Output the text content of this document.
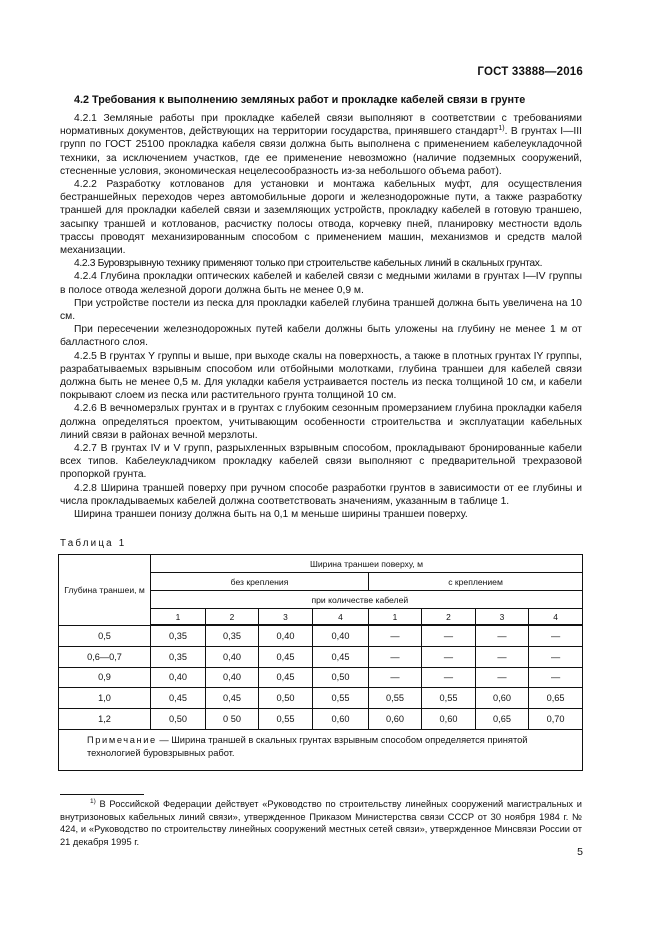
ГОСТ 33888—2016
4.2 Требования к выполнению земляных работ и прокладке кабелей связи в грунте

4.2.1 Земляные работы при прокладке кабелей связи выполняют в соответствии с требованиями нормативных документов, действующих на территории государства, принявшего стандарт$^{1)}$. В грунтах I—III групп по ГОСТ 25100 прокладка кабеля связи должна быть выполнена с применением кабелеукладочной техники, за исключением участков, где ее применение невозможно (наличие подземных сооружений, стесненные условия, экономическая нецелесообразность из-за небольшого объема работ).

4.2.2 Разработку котлованов для установки и монтажа кабельных муфт, для осуществления бестраншейных переходов через автомобильные дороги и железнодорожные пути, а также разработку траншей для прокладки кабелей связи и заземляющих устройств, прокладку кабелей в готовую траншею, засыпку траншей и котлованов, расчистку полосы отвода, корчевку пней, планировку местности вдоль трассы проводят механизированным способом с применением машин, механизмов и средств малой механизации.

4.2.3 Буровзрывную технику применяют только при строительстве кабельных линий в скальных грунтах.

4.2.4 Глубина прокладки оптических кабелей и кабелей связи с медными жилами в грунтах I—IV группы в полосе отвода железной дороги должна быть не менее 0,9 м.

При устройстве постели из песка для прокладки кабелей глубина траншей должна быть увеличена на 10 см.

При пересечении железнодорожных путей кабели должны быть уложены на глубину не менее 1 м от балластного слоя.

4.2.5 В грунтах Y группы и выше, при выходе скалы на поверхность, а также в плотных грунтах IY группы, разрабатываемых взрывным способом или отбойными молотками, глубина траншеи для кабелей связи должна быть не менее 0,5 м. Для укладки кабеля устраивается постель из песка толщиной 10 см, и кабели покрывают слоем из песка или растительного грунта толщиной 10 см.

4.2.6 В вечномерзлых грунтах и в грунтах с глубоким сезонным промерзанием глубина прокладки кабеля должна определяться проектом, учитывающим особенности строительства и эксплуатации кабельных линий связи в районах вечной мерзлоты.

4.2.7 В грунтах IV и V групп, разрыхленных взрывным способом, прокладывают бронированные кабели всех типов. Кабелеукладчиком прокладку кабелей связи выполняют с предварительной трехразовой пропоркой грунта.

4.2.8 Ширина траншей поверху при ручном способе разработки грунтов в зависимости от ее глубины и числа прокладываемых кабелей должна соответствовать значениям, указанным в таблице 1.

Ширина траншеи понизу должна быть на 0,1 м меньше ширины траншеи поверху.

Таблица 1
Глубина траншеи, м	Ширина траншеи поверху, м							
	без крепления				с креплением			
					при количестве кабелей			
	1	2	3	4	1	2	3	4
0,5	0,35	0,35	0,40	0,40	—	—	—	—
0,6—0,7	0,35	0,40	0,45	0,45	—	—	—	—
0,9	0,40	0,40	0,45	0,50	—	—	—	—
1,0	0,45	0,45	0,50	0,55	0,55	0,55	0,60	0,65
1,2	0,50	0 50	0,55	0,60	0,60	0,60	0,65	0,70
Примечание — Ширина траншей в скальных грунтах взрывным способом определяется принятой технологией буровзрывных работ.								

$^{1)}$ В Российской Федерации действует «Руководство по строительству линейных сооружений магистральных и внутризоновых кабельных линий связи», утвержденное Приказом Министерства связи СССР от 30 ноября 1984 г. № 424, и «Руководство по строительству линейных сооружений местных сетей связи», утвержденное Минсвязи России от 21 декабря 1995 г.

5
